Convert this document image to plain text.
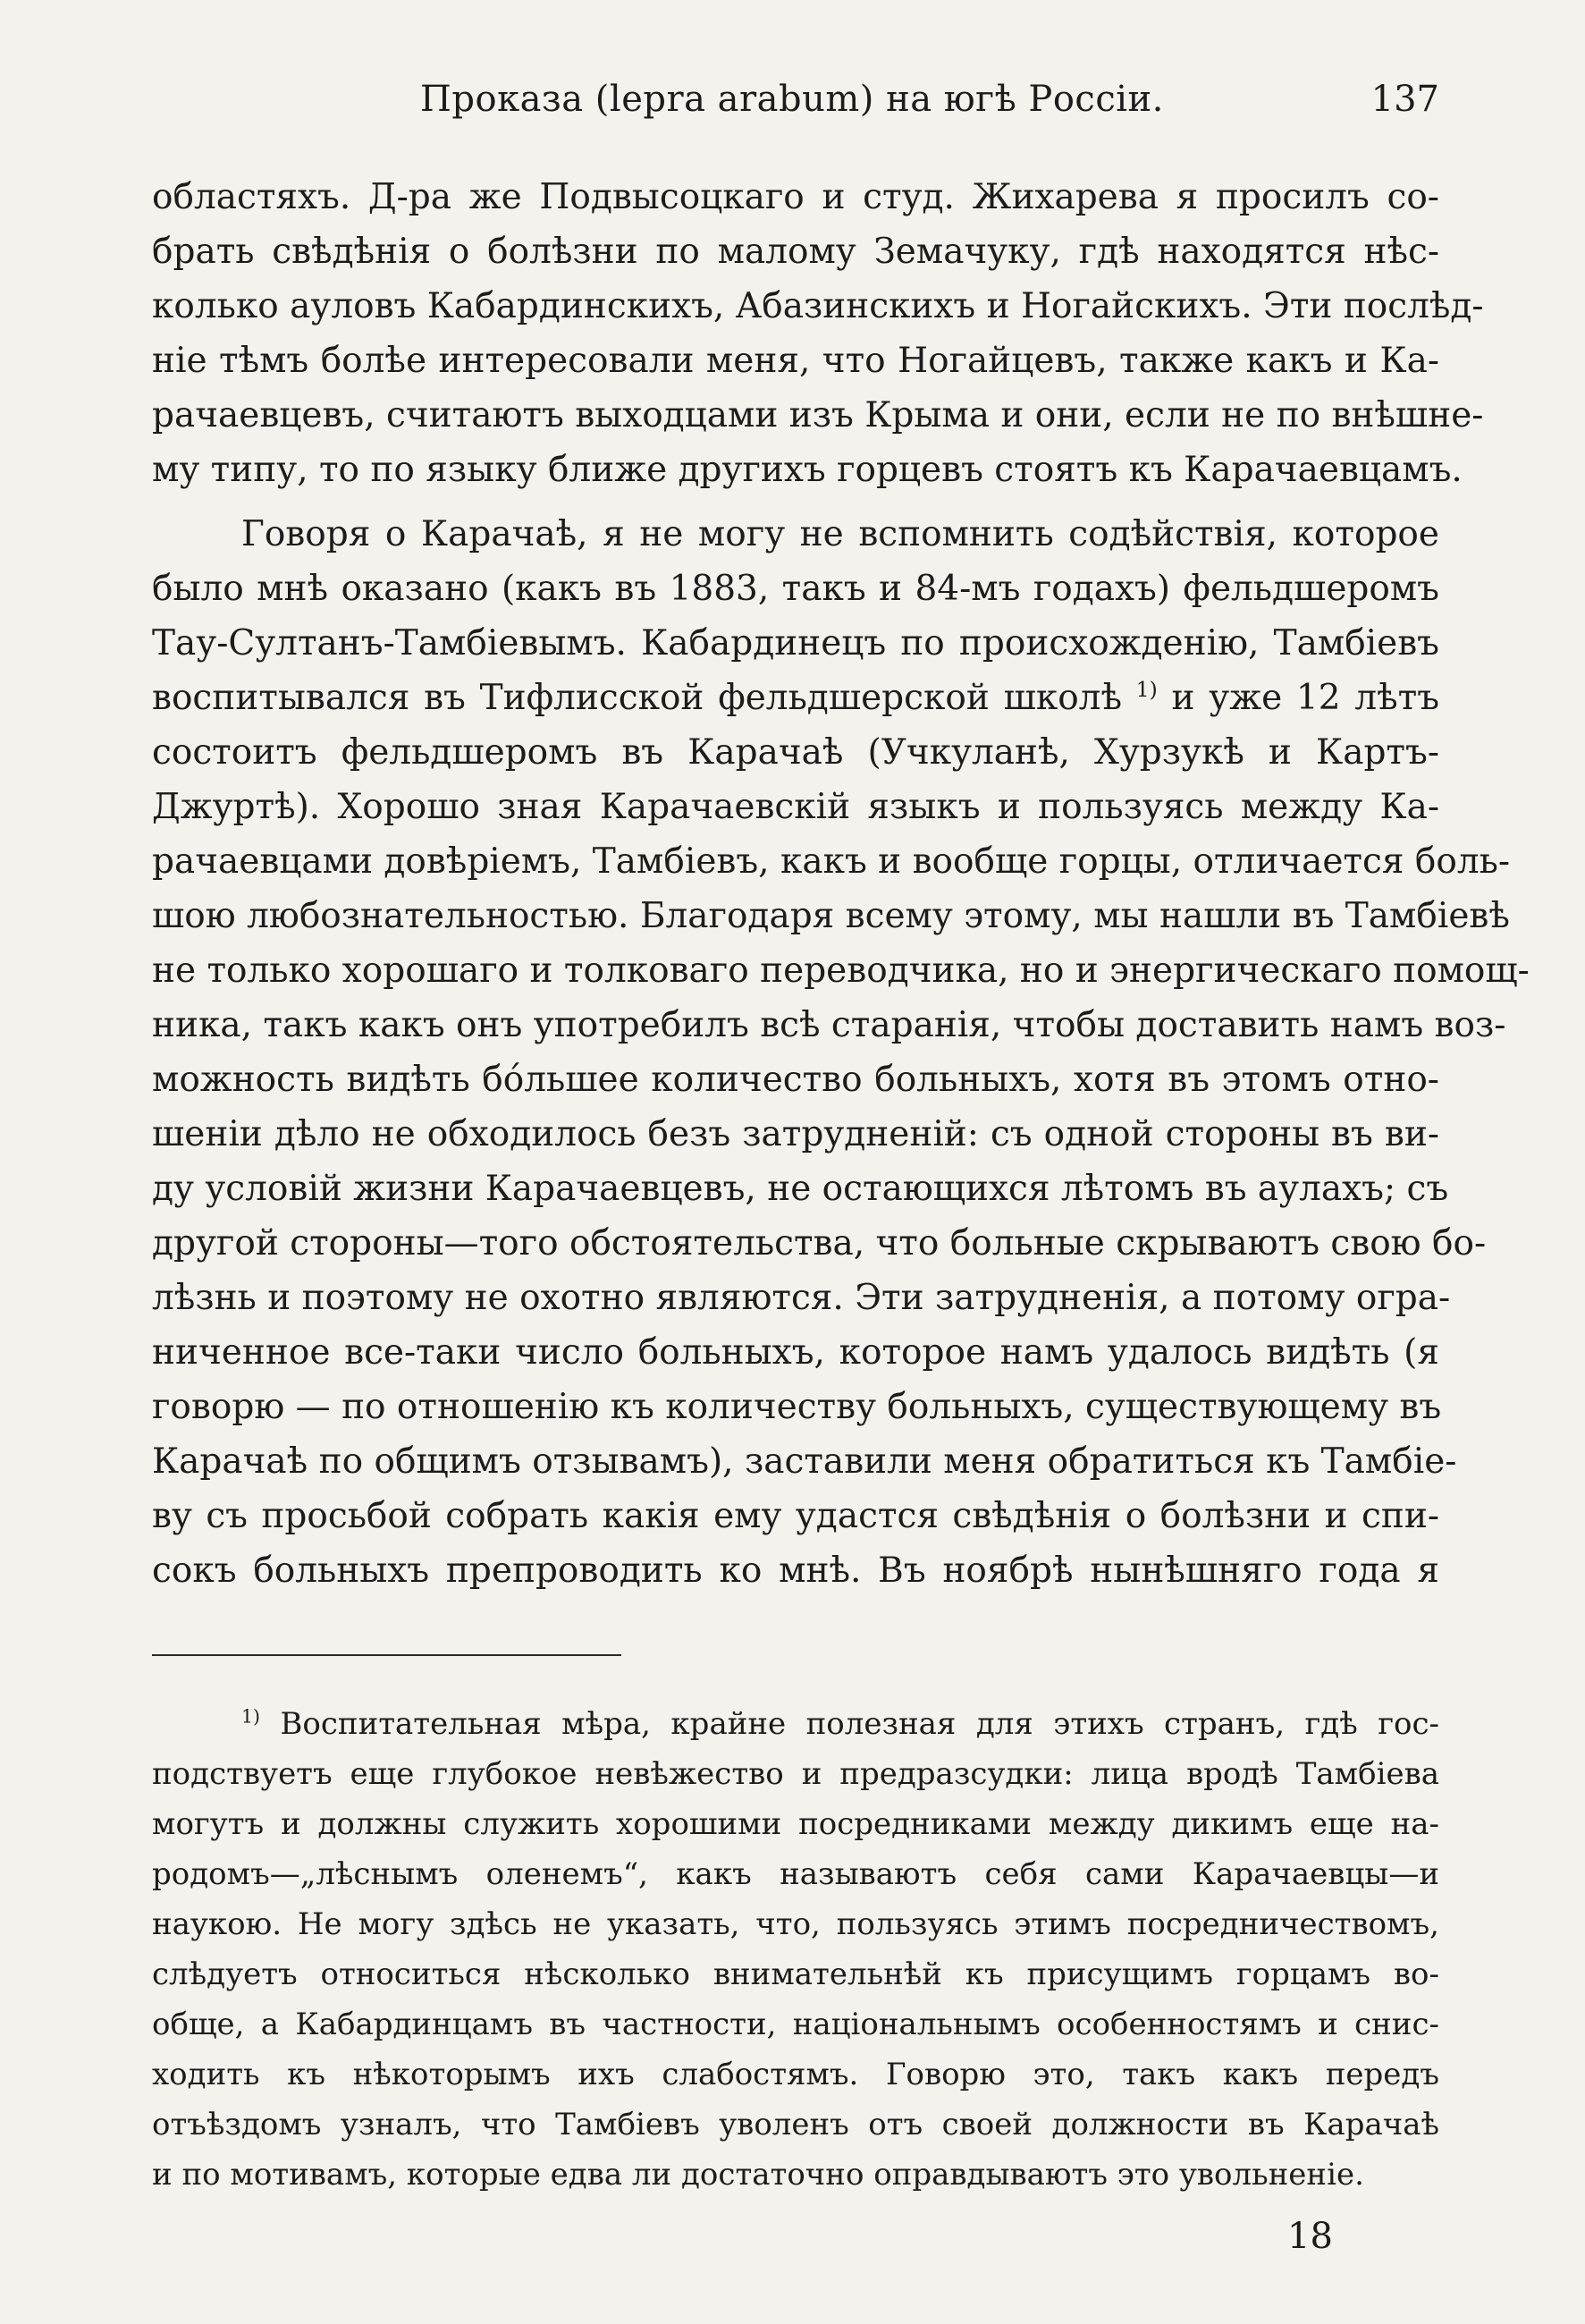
Проказа (lepra arabum) на югѣ Россіи.	137
областяхъ. Д-ра же Подвысоцкаго и студ. Жихарева я просилъ со-
брать свѣдѣнія о болѣзни по малому Земачуку, гдѣ находятся нѣс-
колько ауловъ Кабардинскихъ, Абазинскихъ и Ногайскихъ. Эти послѣд-
ніе тѣмъ болѣе интересовали меня, что Ногайцевъ, также какъ и Ка-
рачаевцевъ, считаютъ выходцами изъ Крыма и они, если не по внѣшне-
му типу, то по языку ближе другихъ горцевъ стоятъ къ Карачаевцамъ.
Говоря о Карачаѣ, я не могу не вспомнить содѣйствія, которое
было мнѣ оказано (какъ въ 1883, такъ и 84-мъ годахъ) фельдшеромъ
Тау-Султанъ-Тамбіевымъ. Кабардинецъ по происхожденію, Тамбіевъ
воспитывался въ Тифлисской фельдшерской школѣ $^{1)}$ и уже 12 лѣтъ
состоитъ фельдшеромъ въ Карачаѣ (Учкуланѣ, Хурзукѣ и Картъ-
Джуртѣ). Хорошо зная Карачаевскій языкъ и пользуясь между Ка-
рачаевцами довѣріемъ, Тамбіевъ, какъ и вообще горцы, отличается боль-
шою любознательностью. Благодаря всему этому, мы нашли въ Тамбіевѣ
не только хорошаго и толковаго переводчика, но и энергическаго помощ-
ника, такъ какъ онъ употребилъ всѣ старанія, чтобы доставить намъ воз-
можность видѣть бо́льшее количество больныхъ, хотя въ этомъ отно-
шеніи дѣло не обходилось безъ затрудненій: съ одной стороны въ ви-
ду условій жизни Карачаевцевъ, не остающихся лѣтомъ въ аулахъ; съ
другой стороны—того обстоятельства, что больные скрываютъ свою бо-
лѣзнь и поэтому не охотно являются. Эти затрудненія, а потому огра-
ниченное все-таки число больныхъ, которое намъ удалось видѣть (я
говорю — по отношенію къ количеству больныхъ, существующему въ
Карачаѣ по общимъ отзывамъ), заставили меня обратиться къ Тамбіе-
ву съ просьбой собрать какія ему удастся свѣдѣнія о болѣзни и спи-
сокъ больныхъ препроводить ко мнѣ. Въ ноябрѣ нынѣшняго года я
$^{1)}$ Воспитательная мѣра, крайне полезная для этихъ странъ, гдѣ гос-
подствуетъ еще глубокое невѣжество и предразсудки: лица вродѣ Тамбіева
могутъ и должны служить хорошими посредниками между дикимъ еще на-
родомъ—„лѣснымъ оленемъ“, какъ называютъ себя сами Карачаевцы—и
наукою. Не могу здѣсь не указать, что, пользуясь этимъ посредничествомъ,
слѣдуетъ относиться нѣсколько внимательнѣй къ присущимъ горцамъ во-
обще, а Кабардинцамъ въ частности, національнымъ особенностямъ и снис-
ходить къ нѣкоторымъ ихъ слабостямъ. Говорю это, такъ какъ передъ
отъѣздомъ узналъ, что Тамбіевъ уволенъ отъ своей должности въ Карачаѣ
и по мотивамъ, которые едва ли достаточно оправдываютъ это увольненіе.
18
